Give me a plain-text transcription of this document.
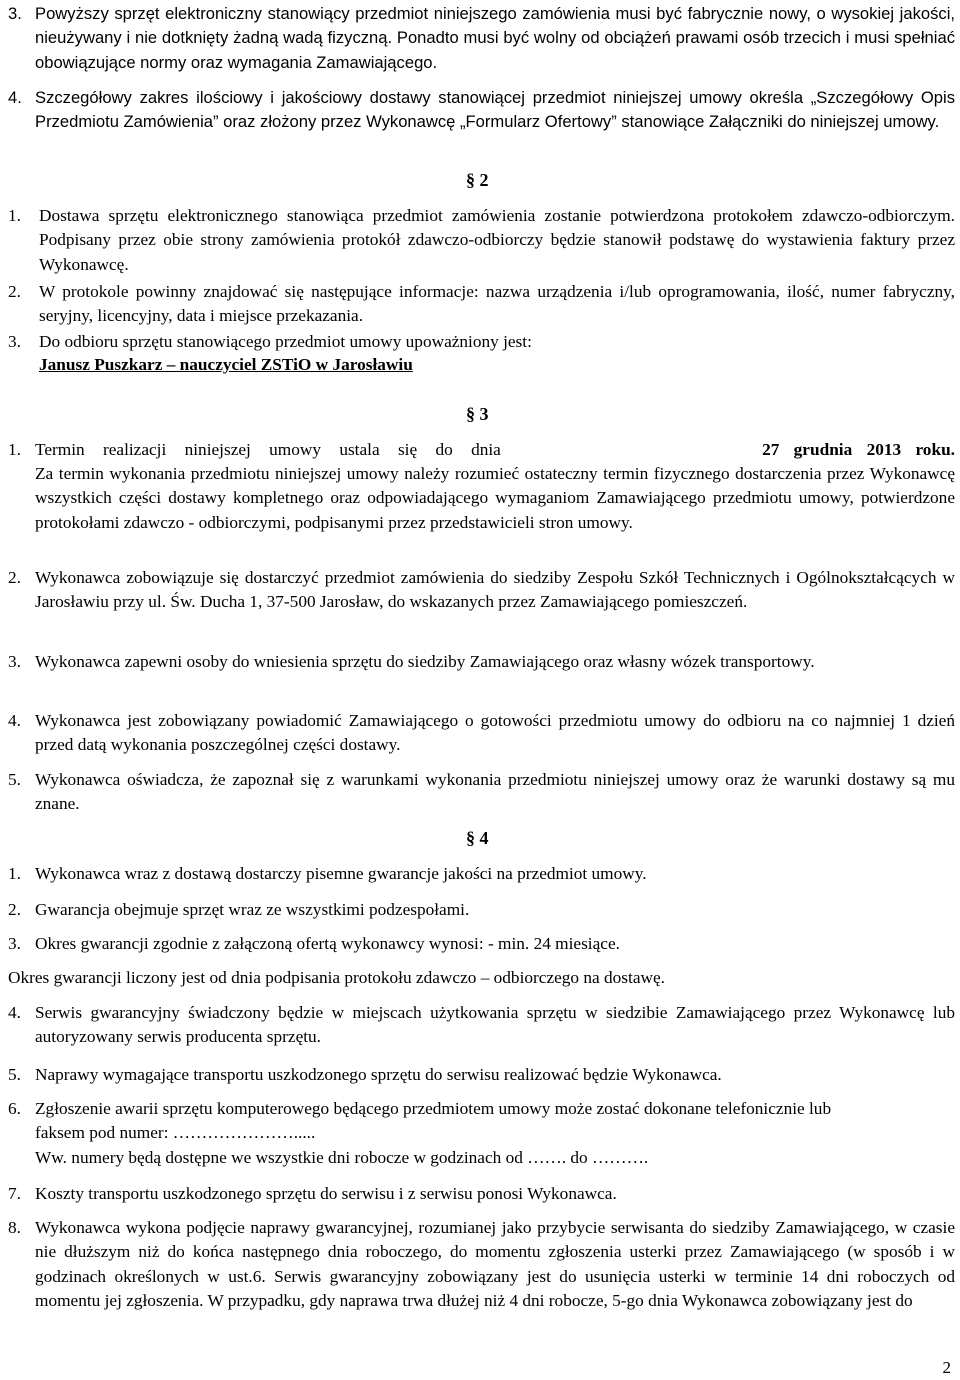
3. Powyższy sprzęt elektroniczny stanowiący przedmiot niniejszego zamówienia musi być fabrycznie nowy, o wysokiej jakości, nieużywany i nie dotknięty żadną wadą fizyczną. Ponadto musi być wolny od obciążeń prawami osób trzecich i musi spełniać obowiązujące normy oraz wymagania Zamawiającego.

4. Szczegółowy zakres ilościowy i jakościowy dostawy stanowiącej przedmiot niniejszej umowy określa „Szczegółowy Opis Przedmiotu Zamówienia” oraz złożony przez Wykonawcę „Formularz Ofertowy” stanowiące Załączniki do niniejszej umowy.

§ 2
1. Dostawa sprzętu elektronicznego stanowiąca przedmiot zamówienia zostanie potwierdzona protokołem zdawczo-odbiorczym. Podpisany przez obie strony zamówienia protokół zdawczo-odbiorczy będzie stanowił podstawę do wystawienia faktury przez Wykonawcę.

2. W protokole powinny znajdować się następujące informacje: nazwa urządzenia i/lub oprogramowania, ilość, numer fabryczny, seryjny, licencyjny, data i miejsce przekazania.

3. Do odbioru sprzętu stanowiącego przedmiot umowy upoważniony jest:

Janusz Puszkarz – nauczyciel ZSTiO w Jarosławiu

§ 3
1. Termin realizacji niniejszej umowy ustala się do dnia	27 grudnia 2013 roku.

Za termin wykonania przedmiotu niniejszej umowy należy rozumieć ostateczny termin fizycznego dostarczenia przez Wykonawcę wszystkich części dostawy kompletnego oraz odpowiadającego wymaganiom Zamawiającego przedmiotu umowy, potwierdzone protokołami zdawczo - odbiorczymi, podpisanymi przez przedstawicieli stron umowy.

2. Wykonawca zobowiązuje się dostarczyć przedmiot zamówienia do siedziby Zespołu Szkół Technicznych i Ogólnokształcących w Jarosławiu przy ul. Św. Ducha 1, 37-500 Jarosław, do wskazanych przez Zamawiającego pomieszczeń.

3. Wykonawca zapewni osoby do wniesienia sprzętu do siedziby Zamawiającego oraz własny wózek transportowy.

4. Wykonawca jest zobowiązany powiadomić Zamawiającego o gotowości przedmiotu umowy do odbioru na co najmniej 1 dzień przed datą wykonania poszczególnej części dostawy.

5. Wykonawca oświadcza, że zapoznał się z warunkami wykonania przedmiotu niniejszej umowy oraz że warunki dostawy są mu znane.

§ 4
1. Wykonawca wraz z dostawą dostarczy pisemne gwarancje jakości na przedmiot umowy.

2. Gwarancja obejmuje sprzęt wraz ze wszystkimi podzespołami.

3. Okres gwarancji zgodnie z załączoną ofertą wykonawcy wynosi: - min. 24 miesiące.

Okres gwarancji liczony jest od dnia podpisania protokołu zdawczo – odbiorczego na dostawę.

4. Serwis gwarancyjny świadczony będzie w miejscach użytkowania sprzętu w siedzibie Zamawiającego przez Wykonawcę lub autoryzowany serwis producenta sprzętu.

5. Naprawy wymagające transportu uszkodzonego sprzętu do serwisu realizować będzie Wykonawca.

6. Zgłoszenie awarii sprzętu komputerowego będącego przedmiotem umowy może zostać dokonane telefonicznie lub faksem pod numer: ………………….....

Ww. numery będą dostępne we wszystkie dni robocze w godzinach od ……. do ……….

7. Koszty transportu uszkodzonego sprzętu do serwisu i z serwisu ponosi Wykonawca.

8. Wykonawca wykona podjęcie naprawy gwarancyjnej, rozumianej jako przybycie serwisanta do siedziby Zamawiającego, w czasie nie dłuższym niż do końca następnego dnia roboczego, do momentu zgłoszenia usterki przez Zamawiającego (w sposób i w godzinach określonych w ust.6. Serwis gwarancyjny zobowiązany jest do usunięcia usterki w terminie 14 dni roboczych od momentu jej zgłoszenia. W przypadku, gdy naprawa trwa dłużej niż 4 dni robocze, 5-go dnia Wykonawca zobowiązany jest do

2
